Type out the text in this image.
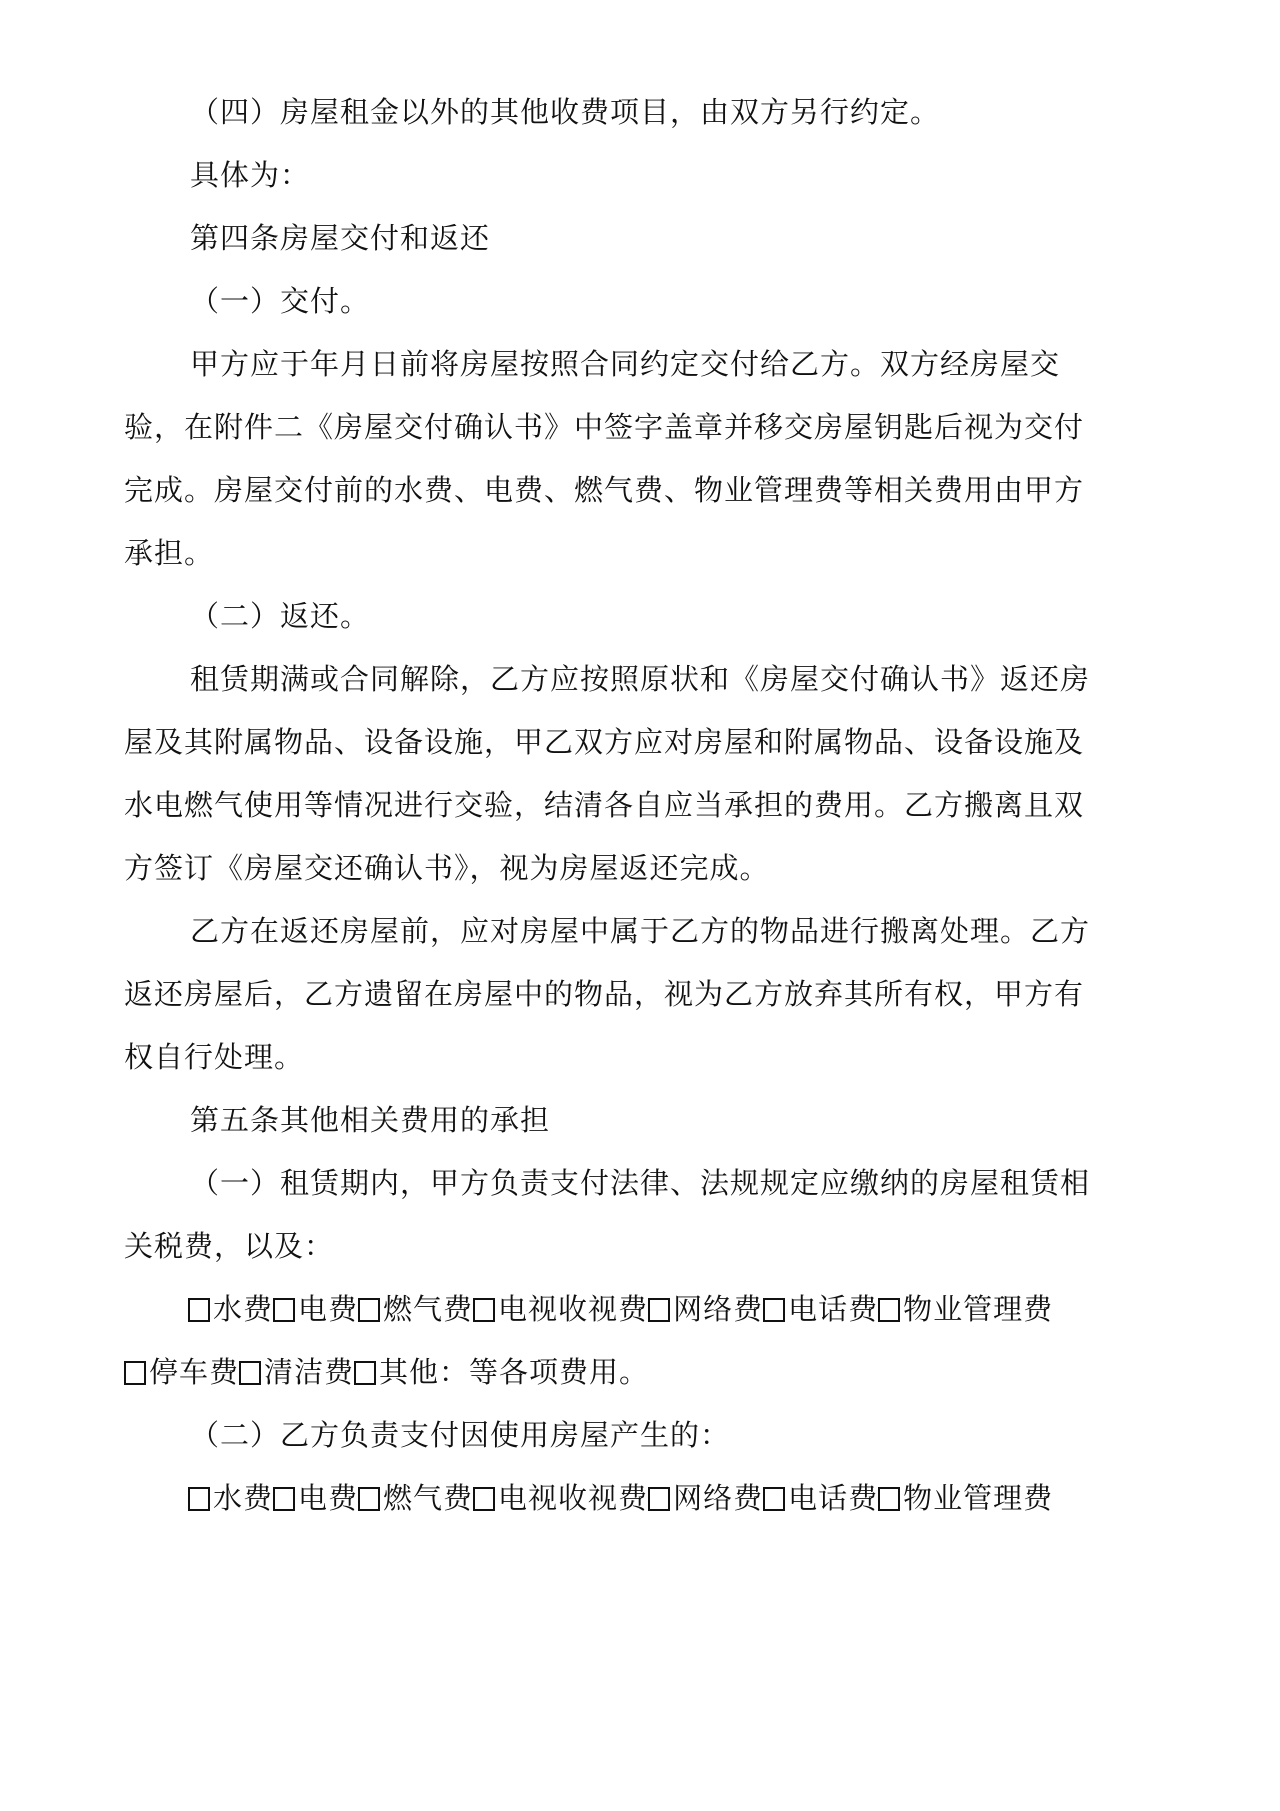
（四）房屋租金以外的其他收费项目，由双方另行约定。
具体为：
第四条房屋交付和返还
（一）交付。
甲方应于年月日前将房屋按照合同约定交付给乙方。双方经房屋交
验，在附件二《房屋交付确认书》中签字盖章并移交房屋钥匙后视为交付
完成。房屋交付前的水费、电费、燃气费、物业管理费等相关费用由甲方
承担。
（二）返还。
租赁期满或合同解除，乙方应按照原状和《房屋交付确认书》返还房
屋及其附属物品、设备设施，甲乙双方应对房屋和附属物品、设备设施及
水电燃气使用等情况进行交验，结清各自应当承担的费用。乙方搬离且双
方签订《房屋交还确认书》，视为房屋返还完成。
乙方在返还房屋前，应对房屋中属于乙方的物品进行搬离处理。乙方
返还房屋后，乙方遗留在房屋中的物品，视为乙方放弃其所有权，甲方有
权自行处理。
第五条其他相关费用的承担
（一）租赁期内，甲方负责支付法律、法规规定应缴纳的房屋租赁相
关税费，以及：
水费 电费 燃气费 电视收视费 网络费 电话费 物业管理费
停车费 清洁费 其他：等各项费用。
（二）乙方负责支付因使用房屋产生的：
水费 电费 燃气费 电视收视费 网络费 电话费 物业管理费
